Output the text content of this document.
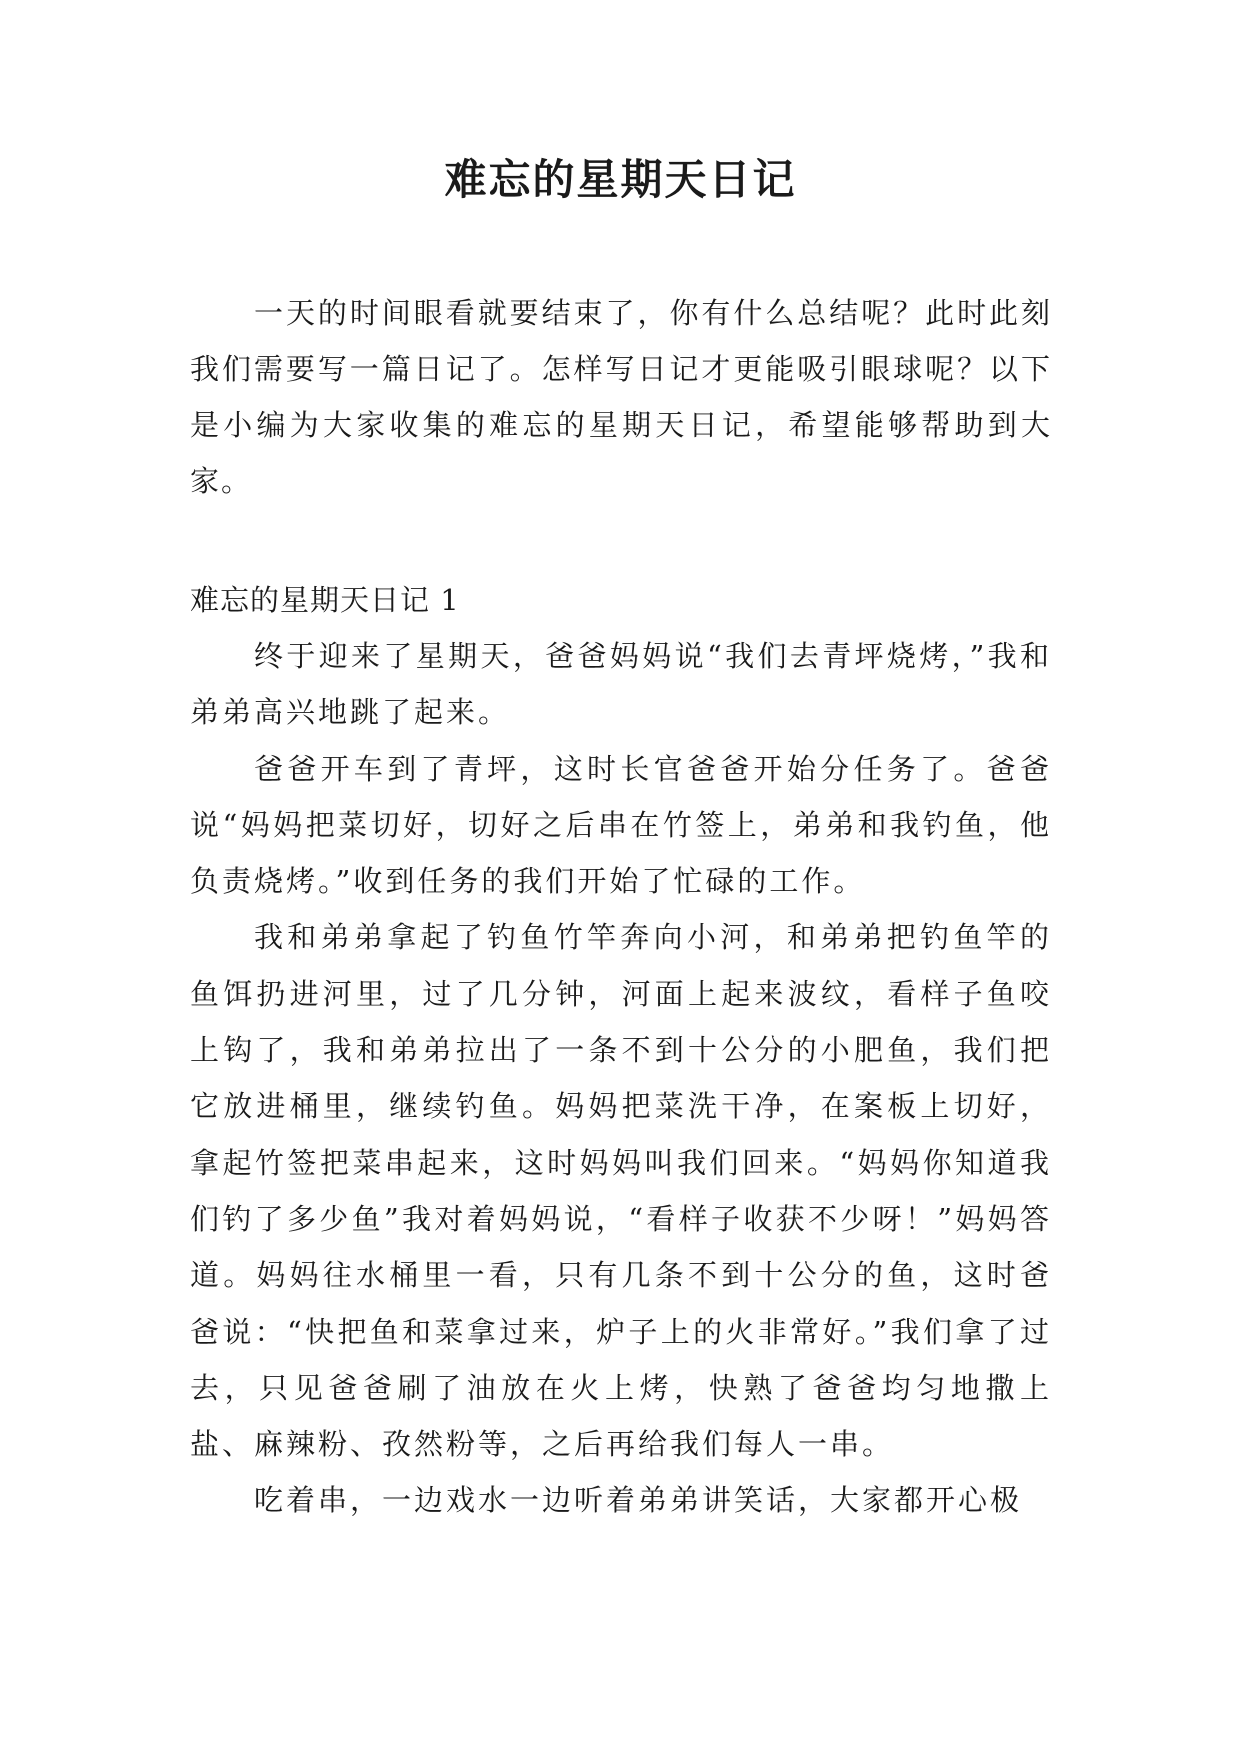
难忘的星期天日记

一天的时间眼看就要结束了，你有什么总结呢？此时此刻我们需要写一篇日记了。怎样写日记才更能吸引眼球呢？以下是小编为大家收集的难忘的星期天日记，希望能够帮助到大家。

难忘的星期天日记 1

终于迎来了星期天，爸爸妈妈说“我们去青坪烧烤，”我和弟弟高兴地跳了起来。

爸爸开车到了青坪，这时长官爸爸开始分任务了。爸爸说“妈妈把菜切好，切好之后串在竹签上，弟弟和我钓鱼，他负责烧烤。”收到任务的我们开始了忙碌的工作。

我和弟弟拿起了钓鱼竹竿奔向小河，和弟弟把钓鱼竿的鱼饵扔进河里，过了几分钟，河面上起来波纹，看样子鱼咬上钩了，我和弟弟拉出了一条不到十公分的小肥鱼，我们把它放进桶里，继续钓鱼。妈妈把菜洗干净，在案板上切好，拿起竹签把菜串起来，这时妈妈叫我们回来。“妈妈你知道我们钓了多少鱼”我对着妈妈说，“看样子收获不少呀！”妈妈答道。妈妈往水桶里一看，只有几条不到十公分的鱼，这时爸爸说：“快把鱼和菜拿过来，炉子上的火非常好。”我们拿了过去，只见爸爸刷了油放在火上烤，快熟了爸爸均匀地撒上盐、麻辣粉、孜然粉等，之后再给我们每人一串。

吃着串，一边戏水一边听着弟弟讲笑话，大家都开心极
